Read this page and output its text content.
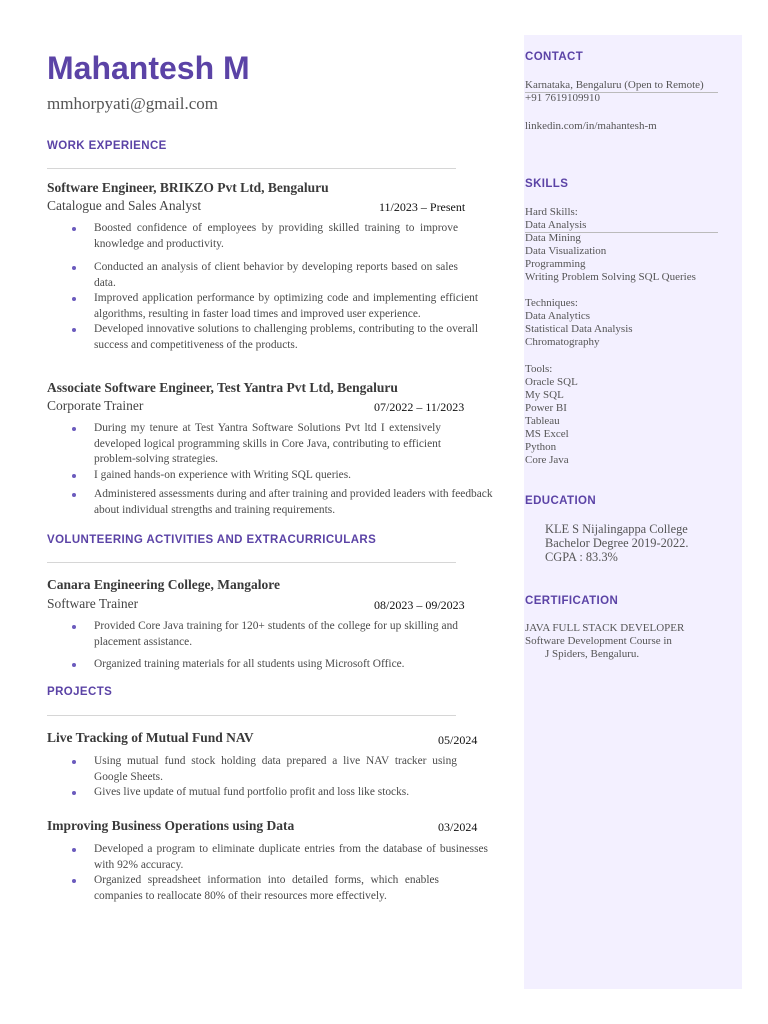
Mahantesh M
mmhorpyati@gmail.com
WORK EXPERIENCE
Software Engineer, BRIKZO Pvt Ltd, Bengaluru
Catalogue and Sales Analyst	11/2023 – Present
Boosted confidence of employees by providing skilled training to improve knowledge and productivity.
Conducted an analysis of client behavior by developing reports based on sales data.
Improved application performance by optimizing code and implementing efficient algorithms, resulting in faster load times and improved user experience.
Developed innovative solutions to challenging problems, contributing to the overall success and competitiveness of the products.
Associate Software Engineer, Test Yantra Pvt Ltd, Bengaluru
Corporate Trainer	07/2022 – 11/2023
During my tenure at Test Yantra Software Solutions Pvt ltd I extensively developed logical programming skills in Core Java, contributing to efficient problem-solving strategies.
I gained hands-on experience with Writing SQL queries.
Administered assessments during and after training and provided leaders with feedback about individual strengths and training requirements.
VOLUNTEERING ACTIVITIES AND EXTRACURRICULARS
Canara Engineering College, Mangalore
Software Trainer	08/2023 – 09/2023
Provided Core Java training for 120+ students of the college for up skilling and placement assistance.
Organized training materials for all students using Microsoft Office.
PROJECTS
Live Tracking of Mutual Fund NAV	05/2024
Using mutual fund stock holding data prepared a live NAV tracker using Google Sheets.
Gives live update of mutual fund portfolio profit and loss like stocks.
Improving Business Operations using Data	03/2024
Developed a program to eliminate duplicate entries from the database of businesses with 92% accuracy.
Organized spreadsheet information into detailed forms, which enables companies to reallocate 80% of their resources more effectively.
CONTACT
Karnataka, Bengaluru (Open to Remote)
+91 7619109910
linkedin.com/in/mahantesh-m
SKILLS
Hard Skills:
Data Analysis
Data Mining
Data Visualization
Programming
Writing Problem Solving SQL Queries
Techniques:
Data Analytics
Statistical Data Analysis
Chromatography
Tools:
Oracle SQL
My SQL
Power BI
Tableau
MS Excel
Python
Core Java
EDUCATION
KLE S Nijalingappa College
Bachelor Degree 2019-2022.
CGPA : 83.3%
CERTIFICATION
JAVA FULL STACK DEVELOPER
Software Development Course in
J Spiders, Bengaluru.
